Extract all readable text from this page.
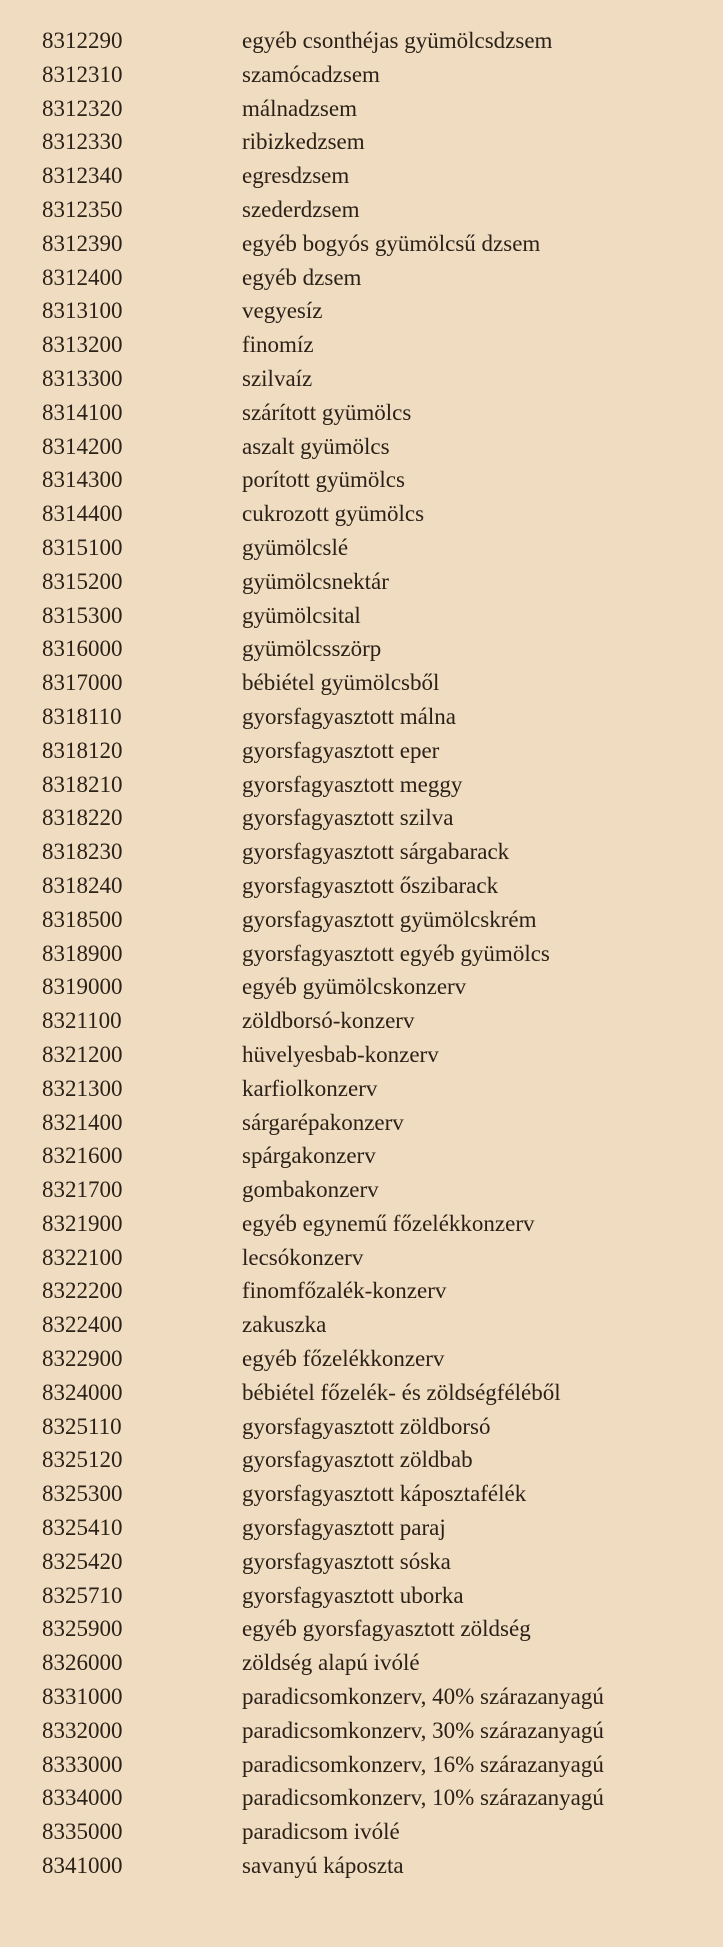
8312290	egyéb csonthéjas gyümölcsdzsem
8312310	szamócadzsem
8312320	málnadzsem
8312330	ribizkedzsem
8312340	egresdzsem
8312350	szederdzsem
8312390	egyéb bogyós gyümölcsű dzsem
8312400	egyéb dzsem
8313100	vegyesíz
8313200	finomíz
8313300	szilvaíz
8314100	szárított gyümölcs
8314200	aszalt gyümölcs
8314300	porított gyümölcs
8314400	cukrozott gyümölcs
8315100	gyümölcslé
8315200	gyümölcsnektár
8315300	gyümölcsital
8316000	gyümölcsszörp
8317000	bébiétel gyümölcsből
8318110	gyorsfagyasztott málna
8318120	gyorsfagyasztott eper
8318210	gyorsfagyasztott meggy
8318220	gyorsfagyasztott szilva
8318230	gyorsfagyasztott sárgabarack
8318240	gyorsfagyasztott őszibarack
8318500	gyorsfagyasztott gyümölcskrém
8318900	gyorsfagyasztott egyéb gyümölcs
8319000	egyéb gyümölcskonzerv
8321100	zöldborsó-konzerv
8321200	hüvelyesbab-konzerv
8321300	karfiolkonzerv
8321400	sárgarépakonzerv
8321600	spárgakonzerv
8321700	gombakonzerv
8321900	egyéb egynemű főzelékkonzerv
8322100	lecsókonzerv
8322200	finomfőzalék-konzerv
8322400	zakuszka
8322900	egyéb főzelékkonzerv
8324000	bébiétel főzelék- és zöldségféléből
8325110	gyorsfagyasztott zöldborsó
8325120	gyorsfagyasztott zöldbab
8325300	gyorsfagyasztott káposztafélék
8325410	gyorsfagyasztott paraj
8325420	gyorsfagyasztott sóska
8325710	gyorsfagyasztott uborka
8325900	egyéb gyorsfagyasztott zöldség
8326000	zöldség alapú ivólé
8331000	paradicsomkonzerv, 40% szárazanyagú
8332000	paradicsomkonzerv, 30% szárazanyagú
8333000	paradicsomkonzerv, 16% szárazanyagú
8334000	paradicsomkonzerv, 10% szárazanyagú
8335000	paradicsom ivólé
8341000	savanyú káposzta
